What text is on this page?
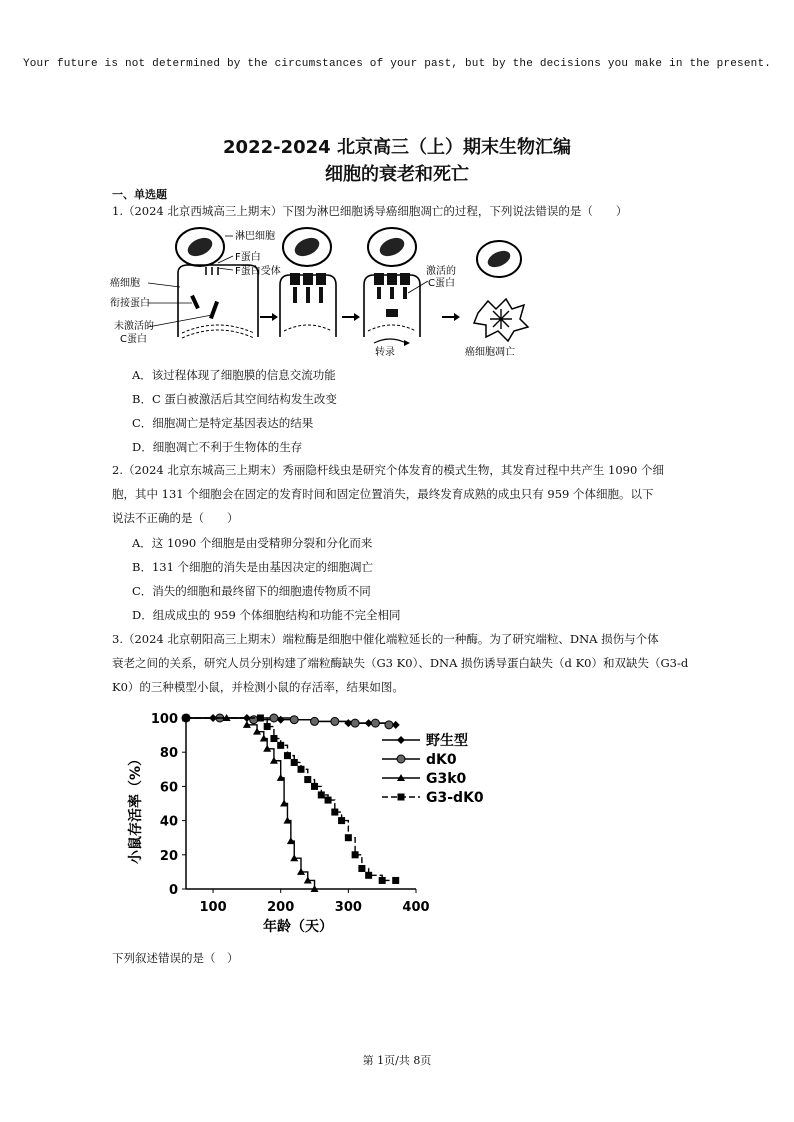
Your future is not determined by the circumstances of your past, but by the decisions you make in the present.
2022-2024 北京高三（上）期末生物汇编
细胞的衰老和死亡
一、单选题
1.（2024 北京西城高三上期末）下图为淋巴细胞诱导癌细胞凋亡的过程，下列说法错误的是（　　）
淋巴细胞
F蛋白
F蛋白受体
癌细胞
衔接蛋白
未激活的
C蛋白
转录
激活的
C蛋白
癌细胞凋亡
A．该过程体现了细胞膜的信息交流功能
B．C 蛋白被激活后其空间结构发生改变
C．细胞凋亡是特定基因表达的结果
D．细胞凋亡不利于生物体的生存
2.（2024 北京东城高三上期末）秀丽隐杆线虫是研究个体发育的模式生物，其发育过程中共产生 1090 个细
胞，其中 131 个细胞会在固定的发育时间和固定位置消失，最终发育成熟的成虫只有 959 个体细胞。以下
说法不正确的是（　　）
A．这 1090 个细胞是由受精卵分裂和分化而来
B．131 个细胞的消失是由基因决定的细胞凋亡
C．消失的细胞和最终留下的细胞遗传物质不同
D．组成成虫的 959 个体细胞结构和功能不完全相同
3.（2024 北京朝阳高三上期末）端粒酶是细胞中催化端粒延长的一种酶。为了研究端粒、DNA 损伤与个体
衰老之间的关系，研究人员分别构建了端粒酶缺失（G3 K0）、DNA 损伤诱导蛋白缺失（d K0）和双缺失（G3-d
K0）的三种模型小鼠，并检测小鼠的存活率，结果如图。
0
20
40
60
80
100
100	200	300	400
野生型
dK0
G3k0
G3-dK0
年龄（天）
小鼠存活率（%）
下列叙述错误的是（　）
第 1页/共 8页
